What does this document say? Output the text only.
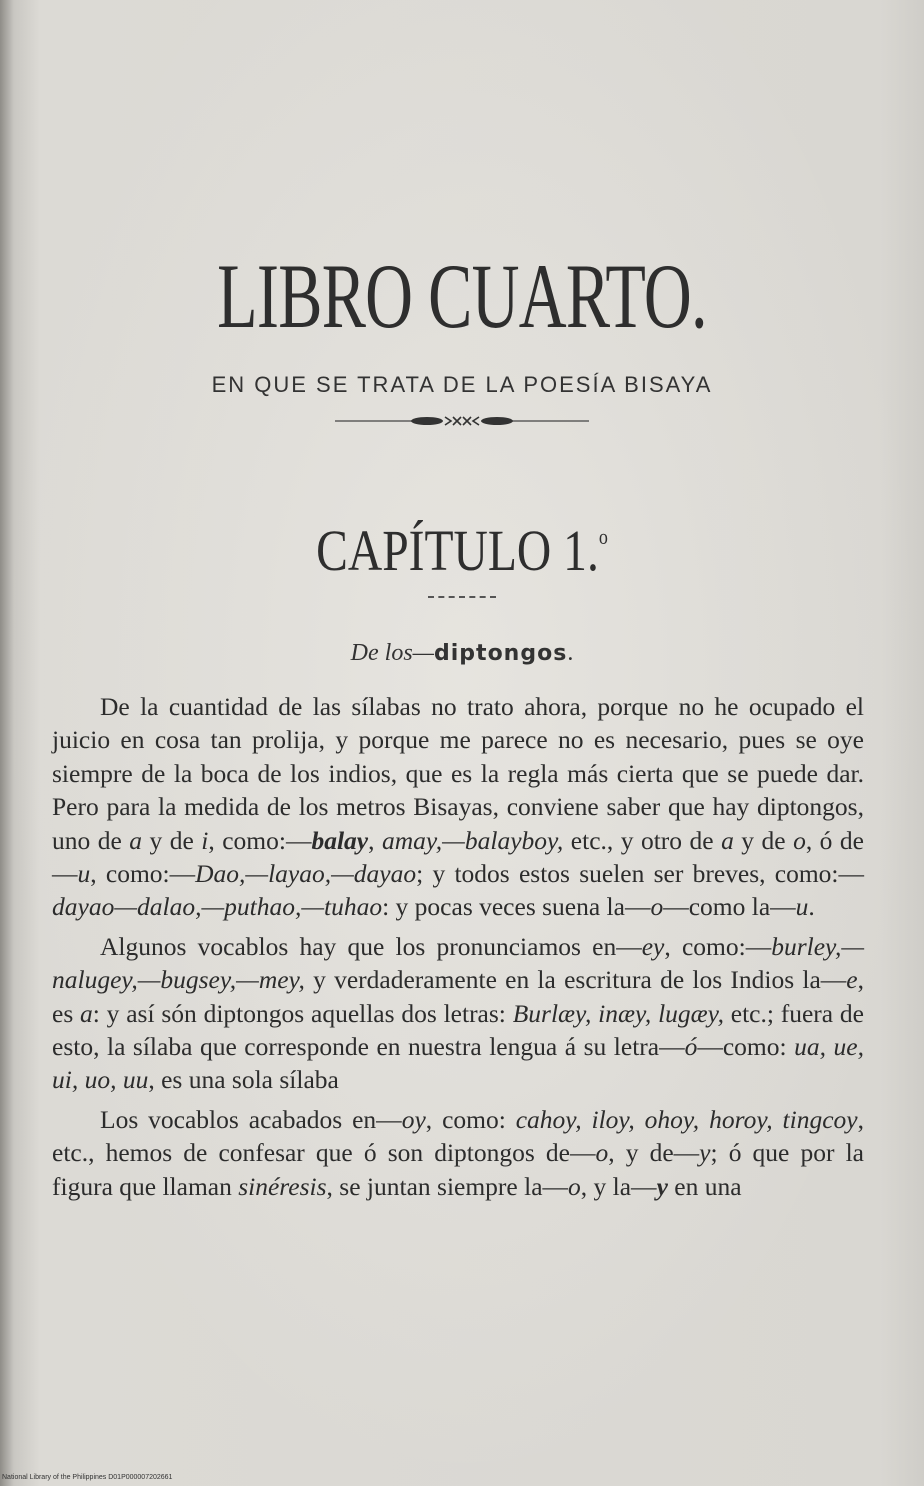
LIBRO CUARTO.
EN QUE SE TRATA DE LA POESÍA BISAYA
CAPÍTULO 1.$^o$
De los—diptongos.

De la cuantidad de las sílabas no trato ahora, porque no he ocupado el juicio en cosa tan prolija, y porque me parece no es necesario, pues se oye siempre de la boca de los indios, que es la regla más cierta que se puede dar. Pero para la medida de los metros Bisayas, conviene saber que hay diptongos, uno de a y de i, como:—balay, amay,—balayboy, etc., y otro de a y de o, ó de—u, como:—Dao,—layao,—dayao; y todos estos suelen ser breves, como:—dayao—dalao,—puthao,—tuhao: y pocas veces suena la—o—como la—u.

Algunos vocablos hay que los pronunciamos en—ey, como:—burley,—nalugey,—bugsey,—mey, y verdaderamente en la escritura de los Indios la—e, es a: y así són diptongos aquellas dos letras: Burlæy, inæy, lugæy, etc.; fuera de esto, la sílaba que corresponde en nuestra lengua á su letra—ó—como: ua, ue, ui, uo, uu, es una sola sílaba

Los vocablos acabados en—oy, como: cahoy, iloy, ohoy, horoy, tingcoy, etc., hemos de confesar que ó son diptongos de—o, y de—y; ó que por la figura que llaman sinéresis, se juntan siempre la—o, y la—y en una

National Library of the Philippines D01P000007202661
